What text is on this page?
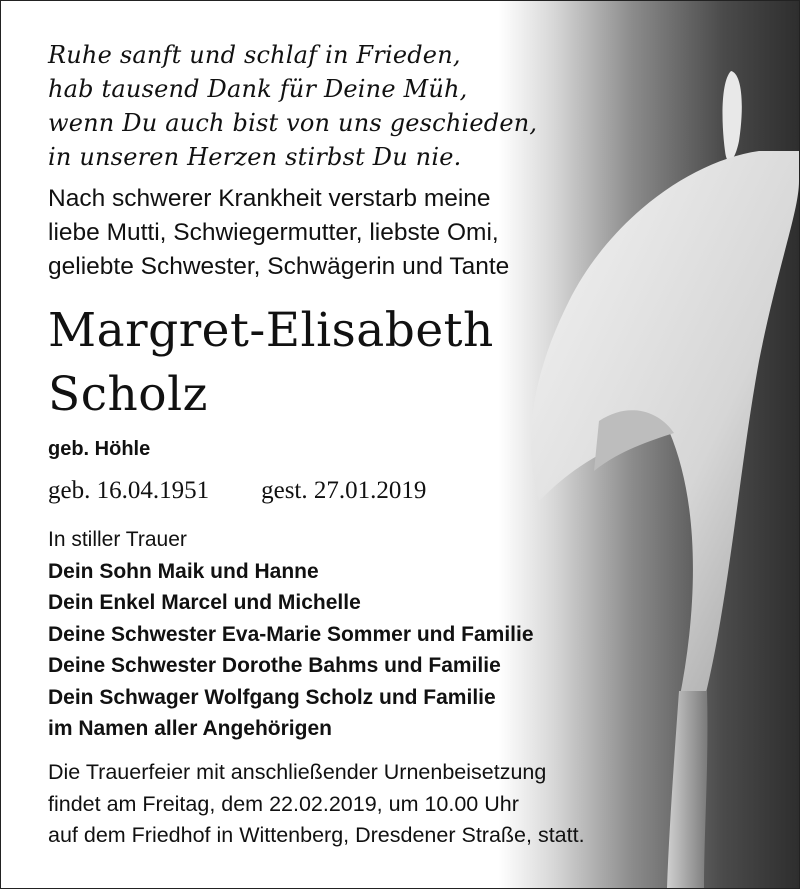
Ruhe sanft und schlaf in Frieden,
hab tausend Dank für Deine Müh,
wenn Du auch bist von uns geschieden,
in unseren Herzen stirbst Du nie.
Nach schwerer Krankheit verstarb meine
liebe Mutti, Schwiegermutter, liebste Omi,
geliebte Schwester, Schwägerin und Tante
Margret-Elisabeth
Scholz
geb. Höhle
geb. 16.04.1951 gest. 27.01.2019
In stiller Trauer
Dein Sohn Maik und Hanne
Dein Enkel Marcel und Michelle
Deine Schwester Eva-Marie Sommer und Familie
Deine Schwester Dorothe Bahms und Familie
Dein Schwager Wolfgang Scholz und Familie
im Namen aller Angehörigen
Die Trauerfeier mit anschließender Urnenbeisetzung
findet am Freitag, dem 22.02.2019, um 10.00 Uhr
auf dem Friedhof in Wittenberg, Dresdener Straße, statt.
